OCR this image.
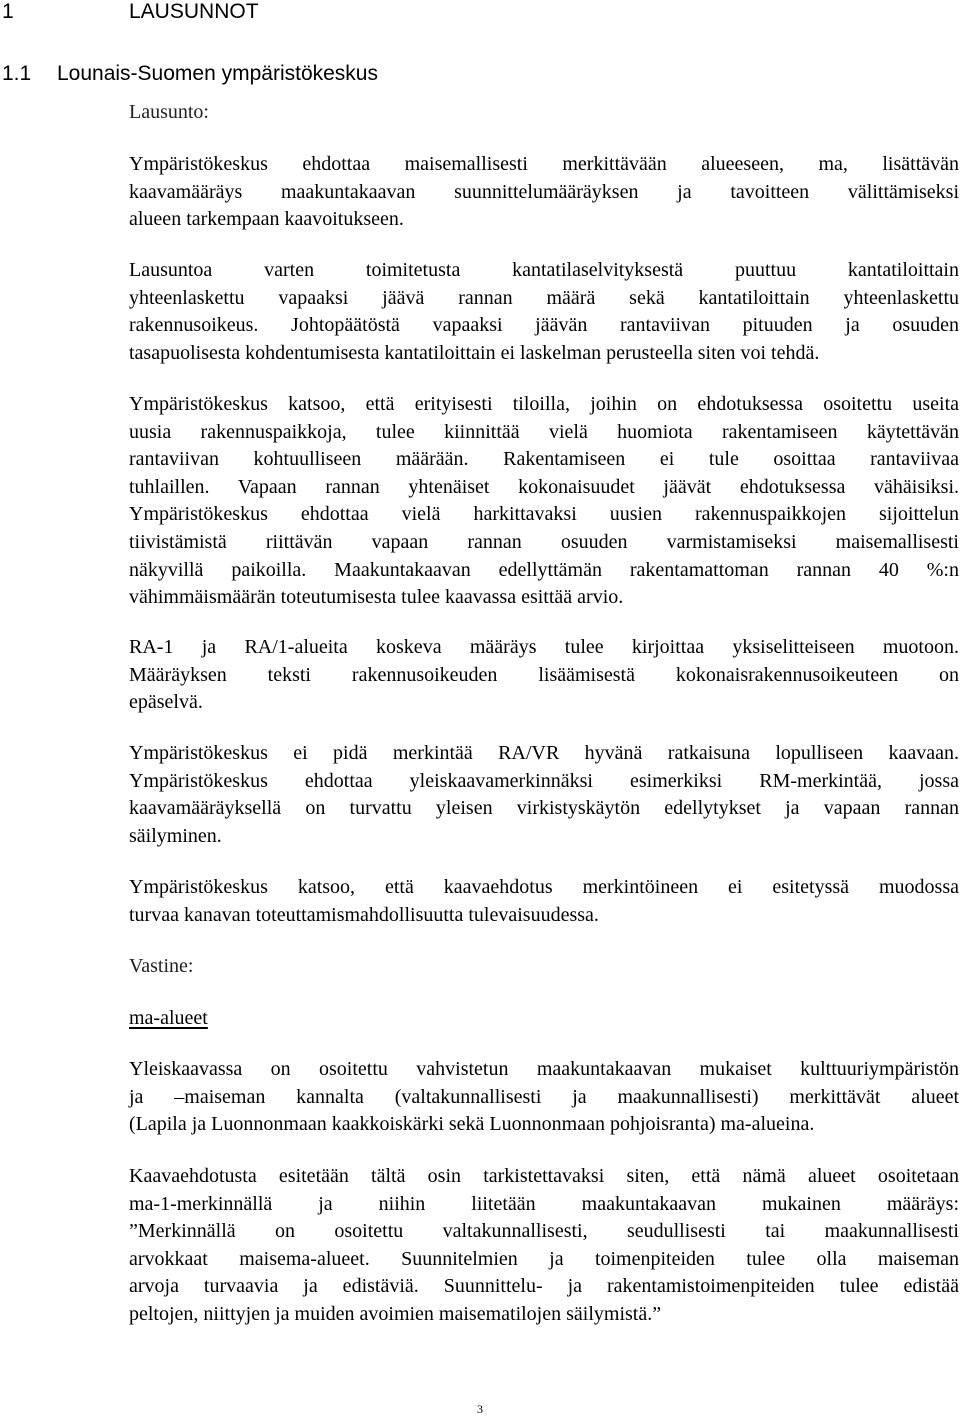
1	LAUSUNNOT
1.1 Lounais-Suomen ympäristökeskus
Lausunto:
Ympäristökeskus ehdottaa maisemallisesti merkittävään alueeseen, ma, lisättävän
kaavamääräys maakuntakaavan suunnittelumääräyksen ja tavoitteen välittämiseksi
alueen tarkempaan kaavoitukseen.
Lausuntoa varten toimitetusta kantatilaselvityksestä puuttuu kantatiloittain
yhteenlaskettu vapaaksi jäävä rannan määrä sekä kantatiloittain yhteenlaskettu
rakennusoikeus. Johtopäätöstä vapaaksi jäävän rantaviivan pituuden ja osuuden
tasapuolisesta kohdentumisesta kantatiloittain ei laskelman perusteella siten voi tehdä.
Ympäristökeskus katsoo, että erityisesti tiloilla, joihin on ehdotuksessa osoitettu useita
uusia rakennuspaikkoja, tulee kiinnittää vielä huomiota rakentamiseen käytettävän
rantaviivan kohtuulliseen määrään. Rakentamiseen ei tule osoittaa rantaviivaa
tuhlaillen. Vapaan rannan yhtenäiset kokonaisuudet jäävät ehdotuksessa vähäisiksi.
Ympäristökeskus ehdottaa vielä harkittavaksi uusien rakennuspaikkojen sijoittelun
tiivistämistä riittävän vapaan rannan osuuden varmistamiseksi maisemallisesti
näkyvillä paikoilla. Maakuntakaavan edellyttämän rakentamattoman rannan 40 %:n
vähimmäismäärän toteutumisesta tulee kaavassa esittää arvio.
RA-1 ja RA/1-alueita koskeva määräys tulee kirjoittaa yksiselitteiseen muotoon.
Määräyksen teksti rakennusoikeuden lisäämisestä kokonaisrakennusoikeuteen on
epäselvä.
Ympäristökeskus ei pidä merkintää RA/VR hyvänä ratkaisuna lopulliseen kaavaan.
Ympäristökeskus ehdottaa yleiskaavamerkinnäksi esimerkiksi RM-merkintää, jossa
kaavamääräyksellä on turvattu yleisen virkistyskäytön edellytykset ja vapaan rannan
säilyminen.
Ympäristökeskus katsoo, että kaavaehdotus merkintöineen ei esitetyssä muodossa
turvaa kanavan toteuttamismahdollisuutta tulevaisuudessa.
Vastine:
ma-alueet
Yleiskaavassa on osoitettu vahvistetun maakuntakaavan mukaiset kulttuuriympäristön
ja –maiseman kannalta (valtakunnallisesti ja maakunnallisesti) merkittävät alueet
(Lapila ja Luonnonmaan kaakkoiskärki sekä Luonnonmaan pohjoisranta) ma-alueina.
Kaavaehdotusta esitetään tältä osin tarkistettavaksi siten, että nämä alueet osoitetaan
ma-1-merkinnällä ja niihin liitetään maakuntakaavan mukainen määräys:
”Merkinnällä on osoitettu valtakunnallisesti, seudullisesti tai maakunnallisesti
arvokkaat maisema-alueet. Suunnitelmien ja toimenpiteiden tulee olla maiseman
arvoja turvaavia ja edistäviä. Suunnittelu- ja rakentamistoimenpiteiden tulee edistää
peltojen, niittyjen ja muiden avoimien maisematilojen säilymistä.”
3
